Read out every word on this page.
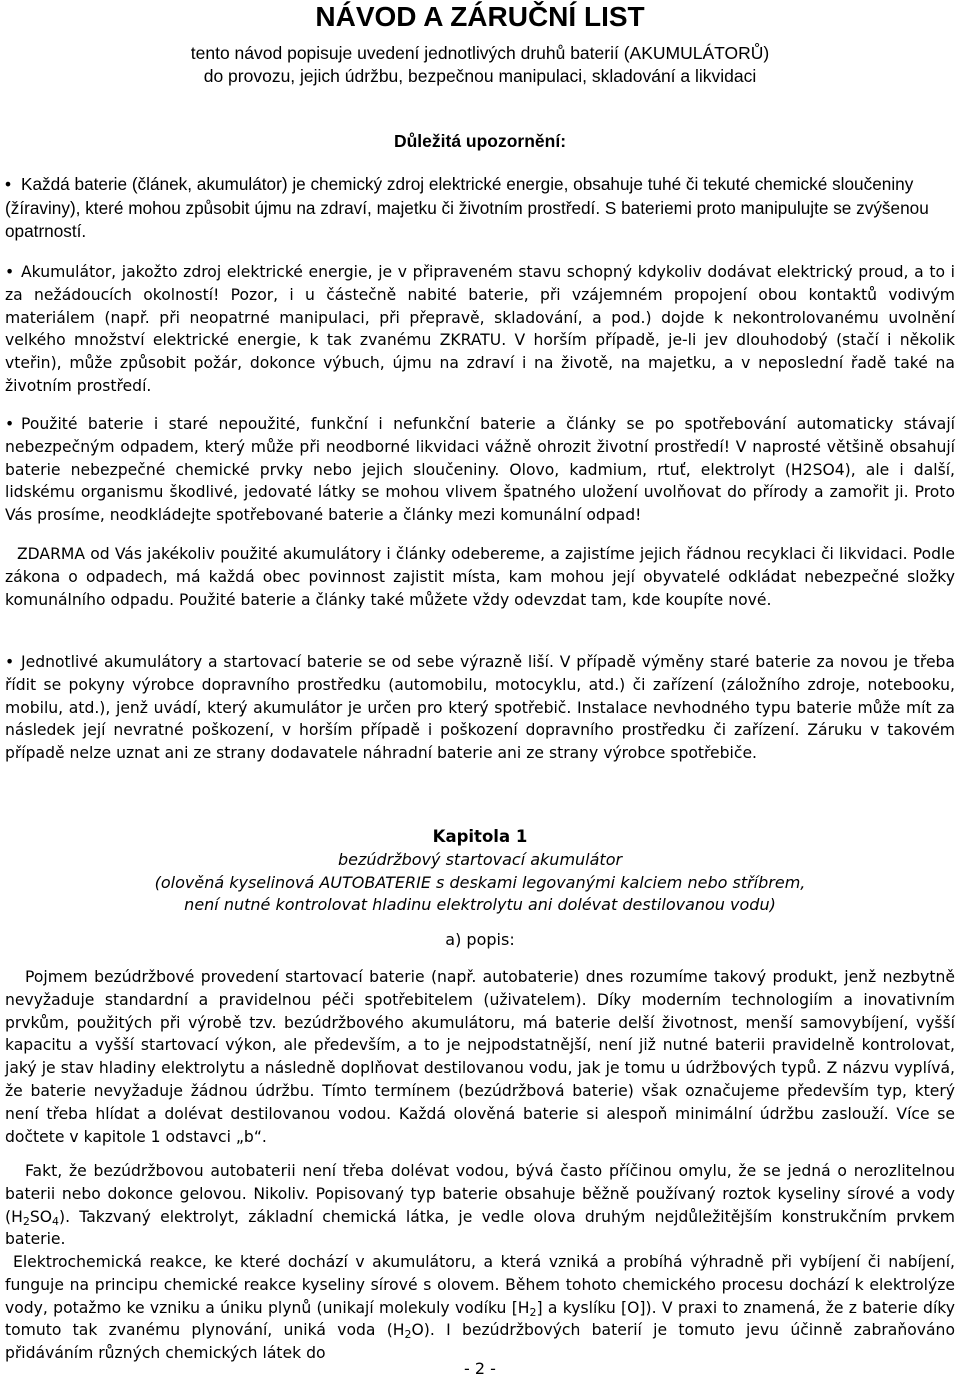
NÁVOD A ZÁRUČNÍ LIST
tento návod popisuje uvedení jednotlivých druhů baterií (AKUMULÁTORŮ)
do provozu, jejich údržbu, bezpečnou manipulaci, skladování a likvidaci
Důležitá upozornění:

• Každá baterie (článek, akumulátor) je chemický zdroj elektrické energie, obsahuje tuhé či tekuté chemické sloučeniny (žíraviny), které mohou způsobit újmu na zdraví, majetku či životním prostředí. S bateriemi proto manipulujte se zvýšenou opatrností.

• Akumulátor, jakožto zdroj elektrické energie, je v připraveném stavu schopný kdykoliv dodávat elektrický proud, a to i za nežádoucích okolností! Pozor, i u částečně nabité baterie, při vzájemném propojení obou kontaktů vodivým materiálem (např. při neopatrné manipulaci, při přepravě, skladování, a pod.) dojde k nekontrolovanému uvolnění velkého množství elektrické energie, k tak zvanému ZKRATU. V horším případě, je-li jev dlouhodobý (stačí i několik vteřin), může způsobit požár, dokonce výbuch, újmu na zdraví i na životě, na majetku, a v neposlední řadě také na životním prostředí.

• Použité baterie i staré nepoužité, funkční i nefunkční baterie a články se po spotřebování automaticky stávají nebezpečným odpadem, který může při neodborné likvidaci vážně ohrozit životní prostředí! V naprosté většině obsahují baterie nebezpečné chemické prvky nebo jejich sloučeniny. Olovo, kadmium, rtuť, elektrolyt (H2SO4), ale i další, lidskému organismu škodlivé, jedovaté látky se mohou vlivem špatného uložení uvolňovat do přírody a zamořit ji. Proto Vás prosíme, neodkládejte spotřebované baterie a články mezi komunální odpad!

ZDARMA od Vás jakékoliv použité akumulátory i články odebereme, a zajistíme jejich řádnou recyklaci či likvidaci. Podle zákona o odpadech, má každá obec povinnost zajistit místa, kam mohou její obyvatelé odkládat nebezpečné složky komunálního odpadu. Použité baterie a články také můžete vždy odevzdat tam, kde koupíte nové.

• Jednotlivé akumulátory a startovací baterie se od sebe výrazně liší. V případě výměny staré baterie za novou je třeba řídit se pokyny výrobce dopravního prostředku (automobilu, motocyklu, atd.) či zařízení (záložního zdroje, notebooku, mobilu, atd.), jenž uvádí, který akumulátor je určen pro který spotřebič. Instalace nevhodného typu baterie může mít za následek její nevratné poškození, v horším případě i poškození dopravního prostředku či zařízení. Záruku v takovém případě nelze uznat ani ze strany dodavatele náhradní baterie ani ze strany výrobce spotřebiče.

Kapitola 1
bezúdržbový startovací akumulátor
(olověná kyselinová AUTOBATERIE s deskami legovanými kalciem nebo stříbrem,
není nutné kontrolovat hladinu elektrolytu ani dolévat destilovanou vodu)
a) popis:

Pojmem bezúdržbové provedení startovací baterie (např. autobaterie) dnes rozumíme takový produkt, jenž nezbytně nevyžaduje standardní a pravidelnou péči spotřebitelem (uživatelem). Díky moderním technologiím a inovativním prvkům, použitých při výrobě tzv. bezúdržbového akumulátoru, má baterie delší životnost, menší samovybíjení, vyšší kapacitu a vyšší startovací výkon, ale především, a to je nejpodstatnější, není již nutné baterii pravidelně kontrolovat, jaký je stav hladiny elektrolytu a následně doplňovat destilovanou vodu, jak je tomu u údržbových typů. Z názvu vyplívá, že baterie nevyžaduje žádnou údržbu. Tímto termínem (bezúdržbová baterie) však označujeme především typ, který není třeba hlídat a dolévat destilovanou vodou. Každá olověná baterie si alespoň minimální údržbu zaslouží. Více se dočtete v kapitole 1 odstavci „b“.

Fakt, že bezúdržbovou autobaterii není třeba dolévat vodou, bývá často příčinou omylu, že se jedná o nerozlitelnou baterii nebo dokonce gelovou. Nikoliv. Popisovaný typ baterie obsahuje běžně používaný roztok kyseliny sírové a vody $(H_2SO_4)$. Takzvaný elektrolyt, základní chemická látka, je vedle olova druhým nejdůležitějším konstrukčním prvkem baterie.

Elektrochemická reakce, ke které dochází v akumulátoru, a která vzniká a probíhá výhradně při vybíjení či nabíjení, funguje na principu chemické reakce kyseliny sírové s olovem. Během tohoto chemického procesu dochází k elektrolýze vody, potažmo ke vzniku a úniku plynů (unikají molekuly vodíku $[H_2]$ a kyslíku [O]). V praxi to znamená, že z baterie díky tomuto tak zvanému plynování, uniká voda $(H_2O)$. I bezúdržbových baterií je tomuto jevu účinně zabraňováno přidáváním různých chemických látek do

- 2 -
